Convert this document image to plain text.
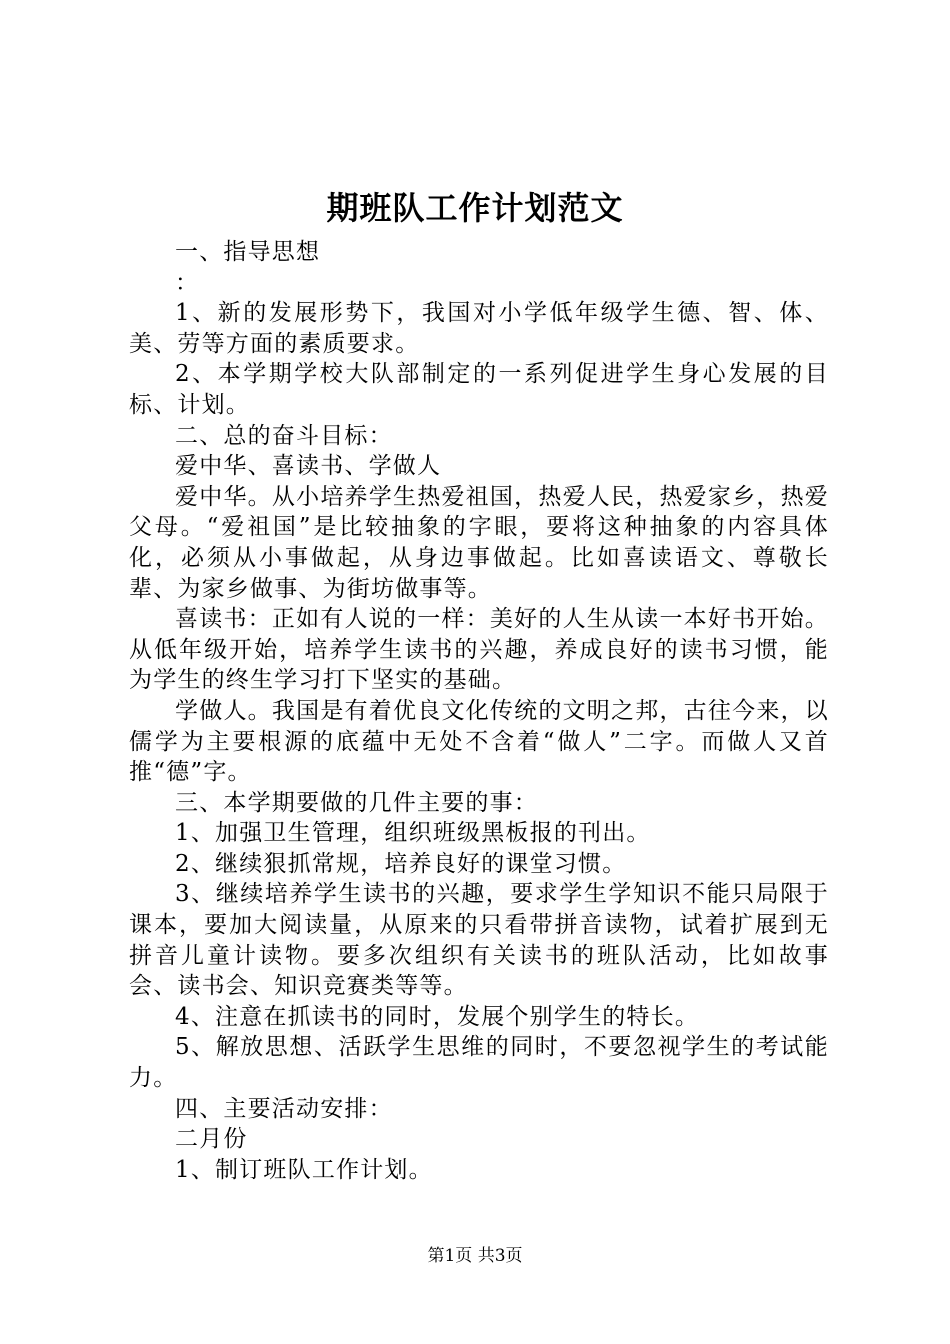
期班队工作计划范文

一、指导思想

：

1、新的发展形势下，我国对小学低年级学生德、智、体、美、劳等方面的素质要求。

2、本学期学校大队部制定的一系列促进学生身心发展的目标、计划。

二、总的奋斗目标：

爱中华、喜读书、学做人

爱中华。从小培养学生热爱祖国，热爱人民，热爱家乡，热爱父母。“爱祖国”是比较抽象的字眼，要将这种抽象的内容具体化，必须从小事做起，从身边事做起。比如喜读语文、尊敬长辈、为家乡做事、为街坊做事等。

喜读书：正如有人说的一样：美好的人生从读一本好书开始。从低年级开始，培养学生读书的兴趣，养成良好的读书习惯，能为学生的终生学习打下坚实的基础。

学做人。我国是有着优良文化传统的文明之邦，古往今来，以儒学为主要根源的底蕴中无处不含着“做人”二字。而做人又首推“德”字。

三、本学期要做的几件主要的事：

1、加强卫生管理，组织班级黑板报的刊出。

2、继续狠抓常规，培养良好的课堂习惯。

3、继续培养学生读书的兴趣，要求学生学知识不能只局限于课本，要加大阅读量，从原来的只看带拼音读物，试着扩展到无拼音儿童计读物。要多次组织有关读书的班队活动，比如故事会、读书会、知识竞赛类等等。

4、注意在抓读书的同时，发展个别学生的特长。

5、解放思想、活跃学生思维的同时，不要忽视学生的考试能力。

四、主要活动安排：

二月份

1、制订班队工作计划。

第1页 共3页
